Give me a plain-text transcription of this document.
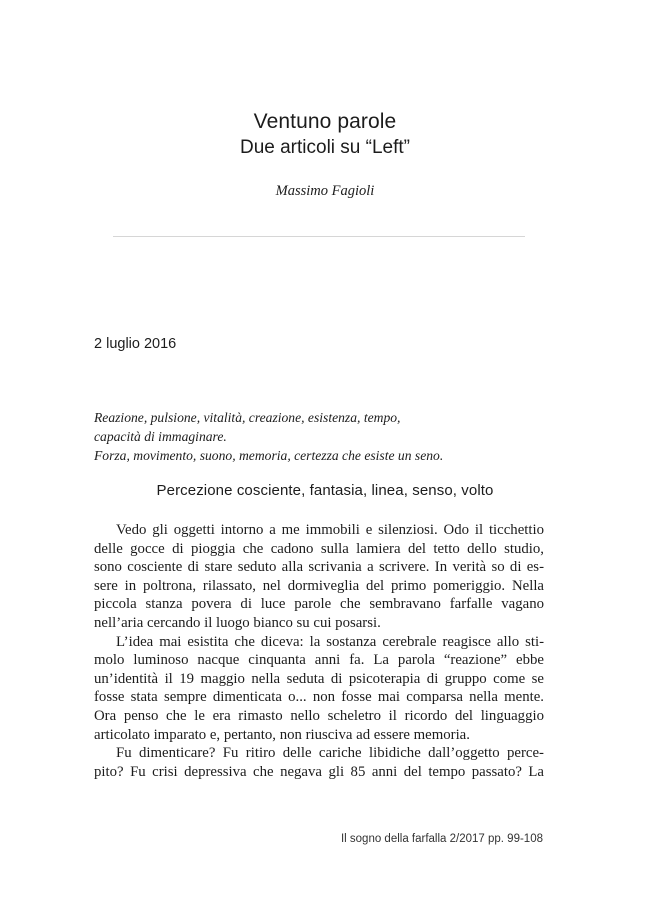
Ventuno parole
Due articoli su “Left”
Massimo Fagioli
2 luglio 2016
Reazione, pulsione, vitalità, creazione, esistenza, tempo,
capacità di immaginare.
Forza, movimento, suono, memoria, certezza che esiste un seno.
Percezione cosciente, fantasia, linea, senso, volto
Vedo gli oggetti intorno a me immobili e silenziosi. Odo il ticchettio
delle gocce di pioggia che cadono sulla lamiera del tetto dello studio,
sono cosciente di stare seduto alla scrivania a scrivere. In verità so di es-
sere in poltrona, rilassato, nel dormiveglia del primo pomeriggio. Nella
piccola stanza povera di luce parole che sembravano farfalle vagano
nell’aria cercando il luogo bianco su cui posarsi.
L’idea mai esistita che diceva: la sostanza cerebrale reagisce allo sti-
molo luminoso nacque cinquanta anni fa. La parola “reazione” ebbe
un’identità il 19 maggio nella seduta di psicoterapia di gruppo come se
fosse stata sempre dimenticata o... non fosse mai comparsa nella mente.
Ora penso che le era rimasto nello scheletro il ricordo del linguaggio
articolato imparato e, pertanto, non riusciva ad essere memoria.
Fu dimenticare? Fu ritiro delle cariche libidiche dall’oggetto perce-
pito? Fu crisi depressiva che negava gli 85 anni del tempo passato? La
Il sogno della farfalla 2/2017 pp. 99-108
